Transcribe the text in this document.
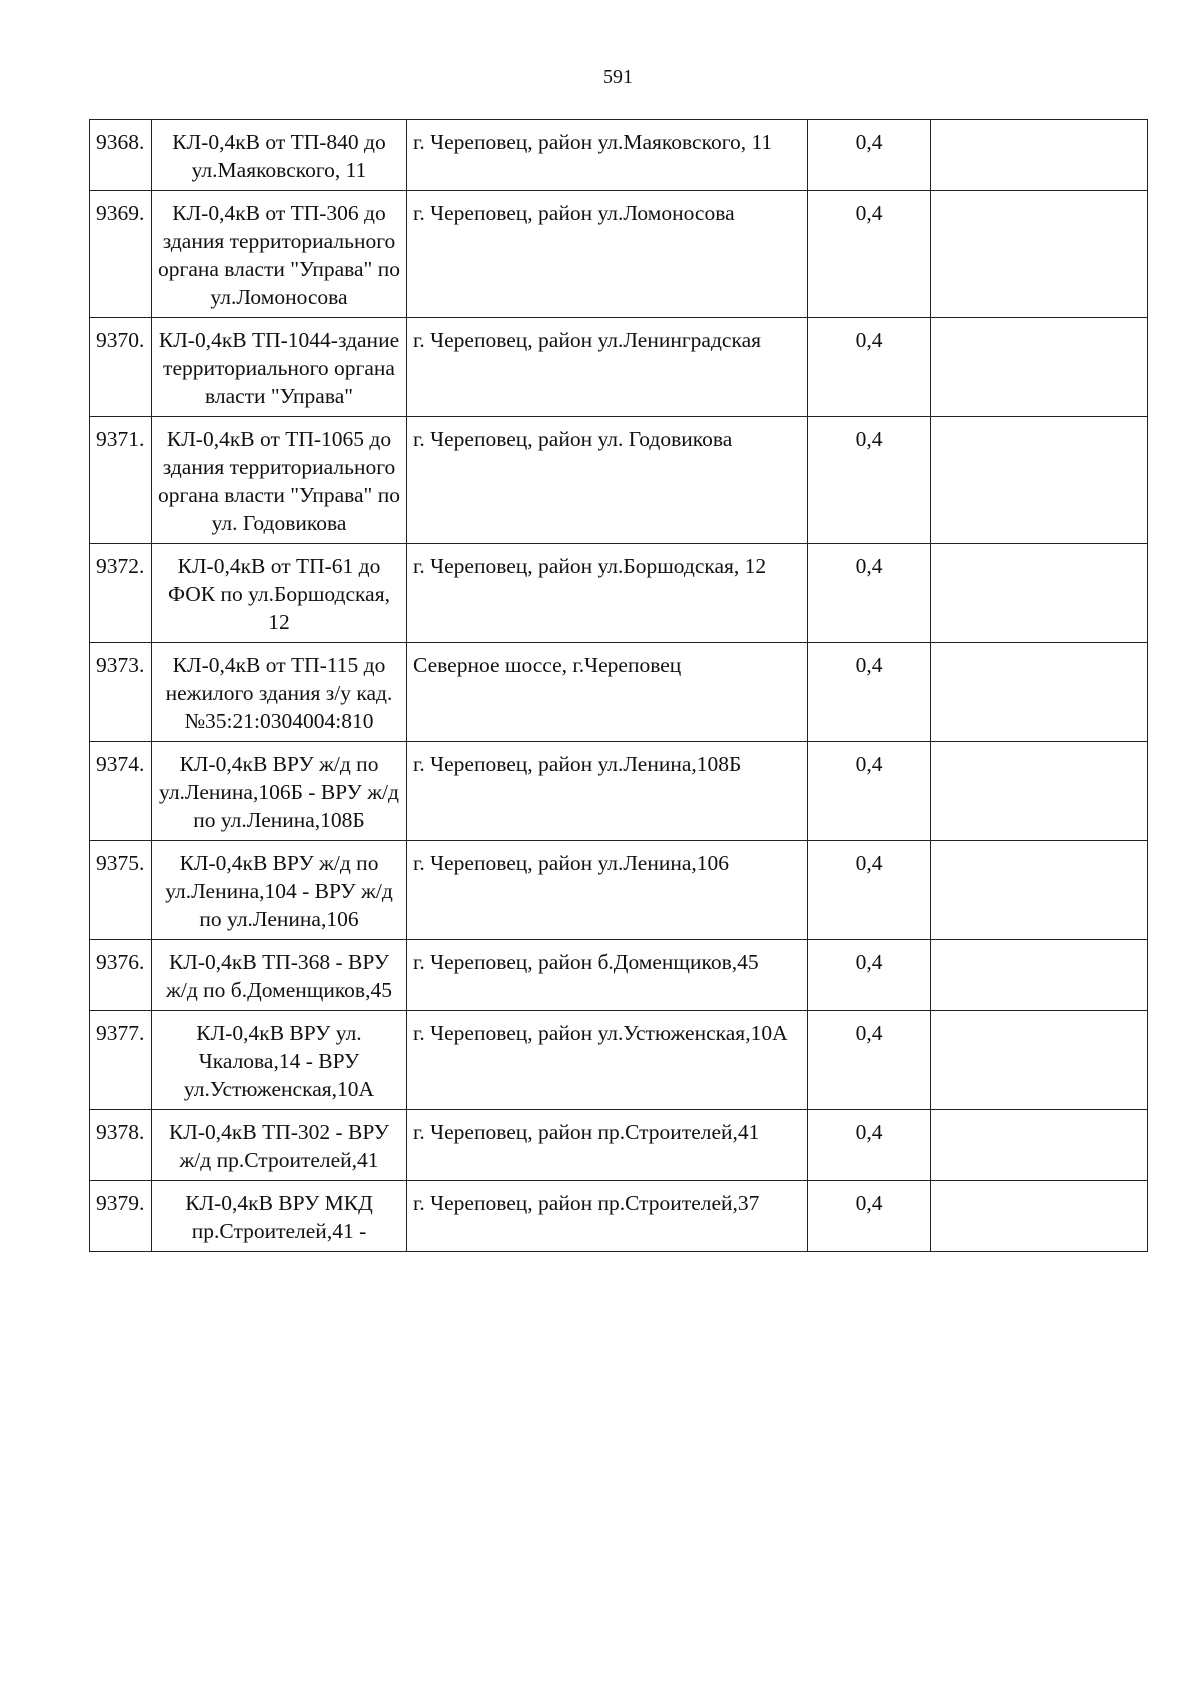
591
9368.	КЛ-0,4кВ от ТП-840 до ул.Маяковского, 11	г. Череповец, район ул.Маяковского, 11	0,4	
9369.	КЛ-0,4кВ от ТП-306 до здания территориального органа власти "Управа" по ул.Ломоносова	г. Череповец, район ул.Ломоносова	0,4	
9370.	КЛ-0,4кВ ТП-1044-здание территориального органа власти "Управа"	г. Череповец, район ул.Ленинградская	0,4	
9371.	КЛ-0,4кВ от ТП-1065 до здания территориального органа власти "Управа" по ул. Годовикова	г. Череповец, район ул. Годовикова	0,4	
9372.	КЛ-0,4кВ от ТП-61 до ФОК по ул.Боршодская, 12	г. Череповец, район ул.Боршодская, 12	0,4	
9373.	КЛ-0,4кВ от ТП-115 до нежилого здания з/у кад.№35:21:0304004:810	Северное шоссе, г.Череповец	0,4	
9374.	КЛ-0,4кВ ВРУ ж/д по ул.Ленина,106Б - ВРУ ж/д по ул.Ленина,108Б	г. Череповец, район ул.Ленина,108Б	0,4	
9375.	КЛ-0,4кВ ВРУ ж/д по ул.Ленина,104 - ВРУ ж/д по ул.Ленина,106	г. Череповец, район ул.Ленина,106	0,4	
9376.	КЛ-0,4кВ ТП-368 - ВРУ ж/д по б.Доменщиков,45	г. Череповец, район б.Доменщиков,45	0,4	
9377.	КЛ-0,4кВ ВРУ ул. Чкалова,14 - ВРУ ул.Устюженская,10А	г. Череповец, район ул.Устюженская,10А	0,4	
9378.	КЛ-0,4кВ ТП-302 - ВРУ ж/д пр.Строителей,41	г. Череповец, район пр.Строителей,41	0,4	
9379.	КЛ-0,4кВ ВРУ МКД пр.Строителей,41 -	г. Череповец, район пр.Строителей,37	0,4	
